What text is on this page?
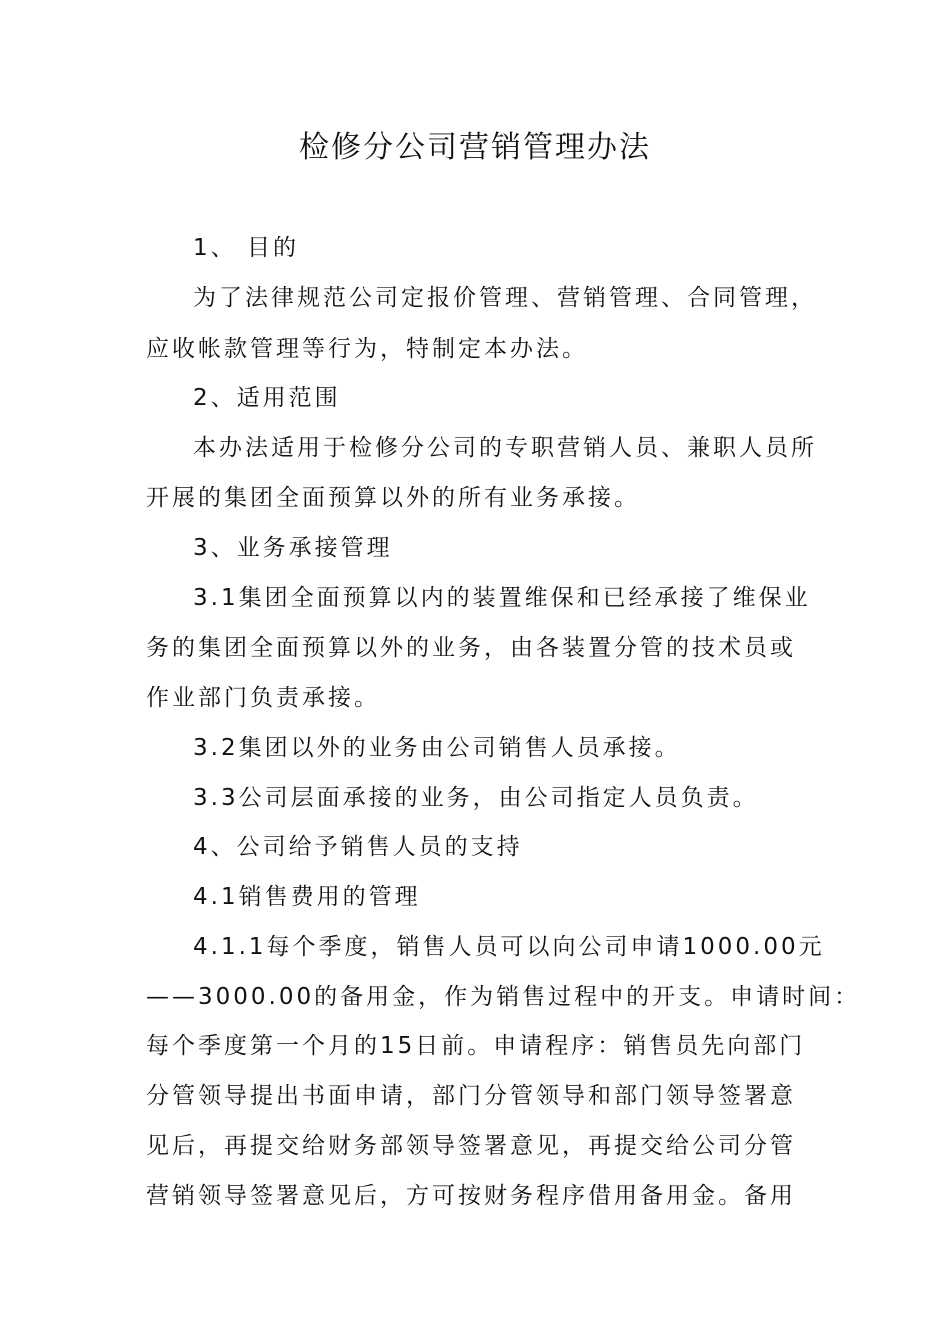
检修分公司营销管理办法
1、 目的
为了法律规范公司定报价管理、营销管理、合同管理，
应收帐款管理等行为，特制定本办法。
2、适用范围
本办法适用于检修分公司的专职营销人员、兼职人员所
开展的集团全面预算以外的所有业务承接。
3、业务承接管理
3.1集团全面预算以内的装置维保和已经承接了维保业
务的集团全面预算以外的业务，由各装置分管的技术员或
作业部门负责承接。
3.2集团以外的业务由公司销售人员承接。
3.3公司层面承接的业务，由公司指定人员负责。
4、公司给予销售人员的支持
4.1销售费用的管理
4.1.1每个季度，销售人员可以向公司申请1000.00元
——3000.00的备用金，作为销售过程中的开支。申请时间：
每个季度第一个月的15日前。申请程序：销售员先向部门
分管领导提出书面申请，部门分管领导和部门领导签署意
见后，再提交给财务部领导签署意见，再提交给公司分管
营销领导签署意见后，方可按财务程序借用备用金。备用
